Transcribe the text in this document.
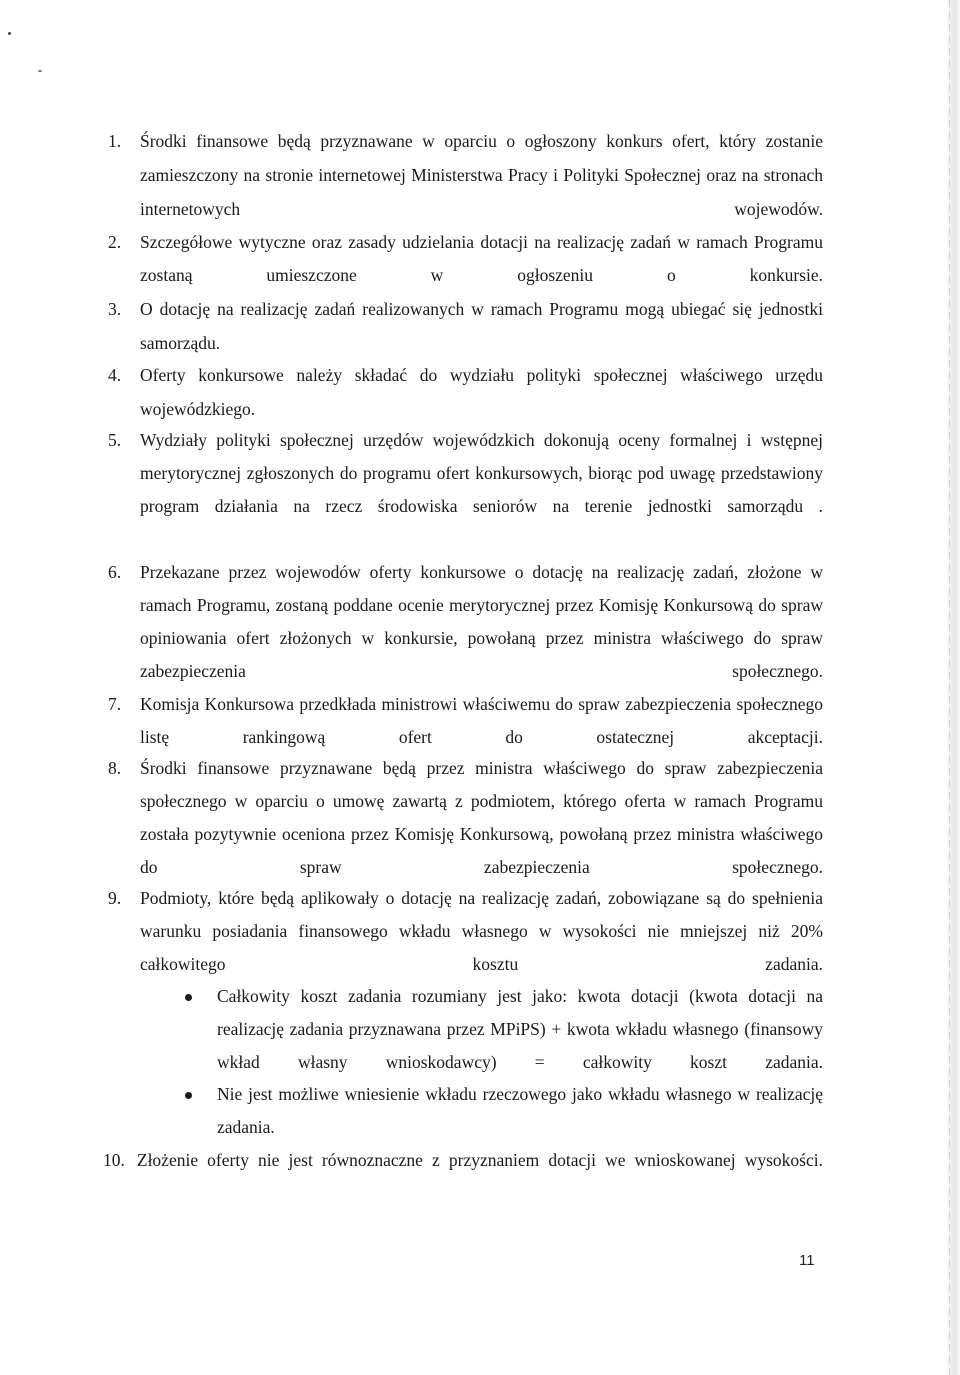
1. Środki finansowe będą przyznawane w oparciu o ogłoszony konkurs ofert, który zostanie zamieszczony na stronie internetowej Ministerstwa Pracy i Polityki Społecznej oraz na stronach internetowych wojewodów.
2. Szczegółowe wytyczne oraz zasady udzielania dotacji na realizację zadań w ramach Programu zostaną umieszczone w ogłoszeniu o konkursie.
3. O dotację na realizację zadań realizowanych w ramach Programu mogą ubiegać się jednostki samorządu.
4. Oferty konkursowe należy składać do wydziału polityki społecznej właściwego urzędu wojewódzkiego.
5. Wydziały polityki społecznej urzędów wojewódzkich dokonują oceny formalnej i wstępnej merytorycznej zgłoszonych do programu ofert konkursowych, biorąc pod uwagę przedstawiony program działania na rzecz środowiska seniorów na terenie jednostki samorządu .
6. Przekazane przez wojewodów oferty konkursowe o dotację na realizację zadań, złożone w ramach Programu, zostaną poddane ocenie merytorycznej przez Komisję Konkursową do spraw opiniowania ofert złożonych w konkursie, powołaną przez ministra właściwego do spraw zabezpieczenia społecznego.
7. Komisja Konkursowa przedkłada ministrowi właściwemu do spraw zabezpieczenia społecznego listę rankingową ofert do ostatecznej akceptacji.
8. Środki finansowe przyznawane będą przez ministra właściwego do spraw zabezpieczenia społecznego w oparciu o umowę zawartą z podmiotem, którego oferta w ramach Programu została pozytywnie oceniona przez Komisję Konkursową, powołaną przez ministra właściwego do spraw zabezpieczenia społecznego.
9. Podmioty, które będą aplikowały o dotację na realizację zadań, zobowiązane są do spełnienia warunku posiadania finansowego wkładu własnego w wysokości nie mniejszej niż 20% całkowitego kosztu zadania.
Całkowity koszt zadania rozumiany jest jako: kwota dotacji (kwota dotacji na realizację zadania przyznawana przez MPiPS) + kwota wkładu własnego (finansowy wkład własny wnioskodawcy) = całkowity koszt zadania.
Nie jest możliwe wniesienie wkładu rzeczowego jako wkładu własnego w realizację zadania.
10. Złożenie oferty nie jest równoznaczne z przyznaniem dotacji we wnioskowanej wysokości.
11
